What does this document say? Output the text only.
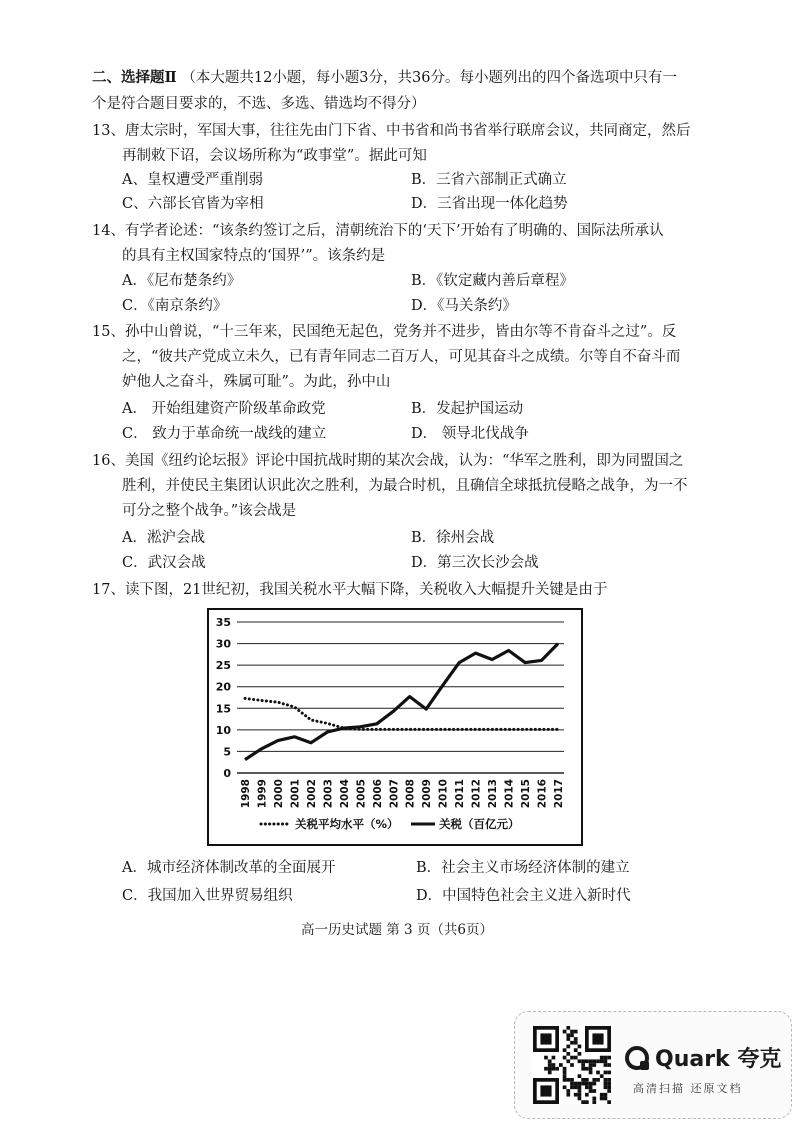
二、选择题Ⅱ （本大题共12小题，每小题3分，共36分。每小题列出的四个备选项中只有一
个是符合题目要求的，不选、多选、错选均不得分）
13、唐太宗时，军国大事，往往先由门下省、中书省和尚书省举行联席会议，共同商定，然后
再制敕下诏，会议场所称为“政事堂”。据此可知
A、皇权遭受严重削弱	B．三省六部制正式确立
C、六部长官皆为宰相	D．三省出现一体化趋势
14、有学者论述：“该条约签订之后，清朝统治下的‘天下’开始有了明确的、国际法所承认
的具有主权国家特点的‘国界’”。该条约是
A．《尼布楚条约》	B．《钦定藏内善后章程》
C．《南京条约》	D．《马关条约》
15、孙中山曾说，“十三年来，民国绝无起色，党务并不进步，皆由尔等不肯奋斗之过”。反
之，“彼共产党成立未久，已有青年同志二百万人，可见其奋斗之成绩。尔等自不奋斗而
妒他人之奋斗，殊属可耻”。为此，孙中山
A． 开始组建资产阶级革命政党	B．发起护国运动
C． 致力于革命统一战线的建立	D． 领导北伐战争
16、美国《纽约论坛报》评论中国抗战时期的某次会战，认为：“华军之胜利，即为同盟国之
胜利，并使民主集团认识此次之胜利，为最合时机，且确信全球抵抗侵略之战争，为一不
可分之整个战争。”该会战是
A．淞沪会战	B．徐州会战
C．武汉会战	D．第三次长沙会战
17、读下图，21世纪初，我国关税水平大幅下降，关税收入大幅提升关键是由于
0
5
10
15
20
25
30
35
1998 1999 2000 2001 2002 2003 2004 2005 2006 2007 2008 2009 2010 2011 2012 2013 2014 2015 2016 2017
关税平均水平（%）	关税（百亿元）
A．城市经济体制改革的全面展开	B．社会主义市场经济体制的建立
C．我国加入世界贸易组织	D．中国特色社会主义进入新时代
高一历史试题 第 3 页（共6页）
Quark 夸克
高清扫描 还原文档
